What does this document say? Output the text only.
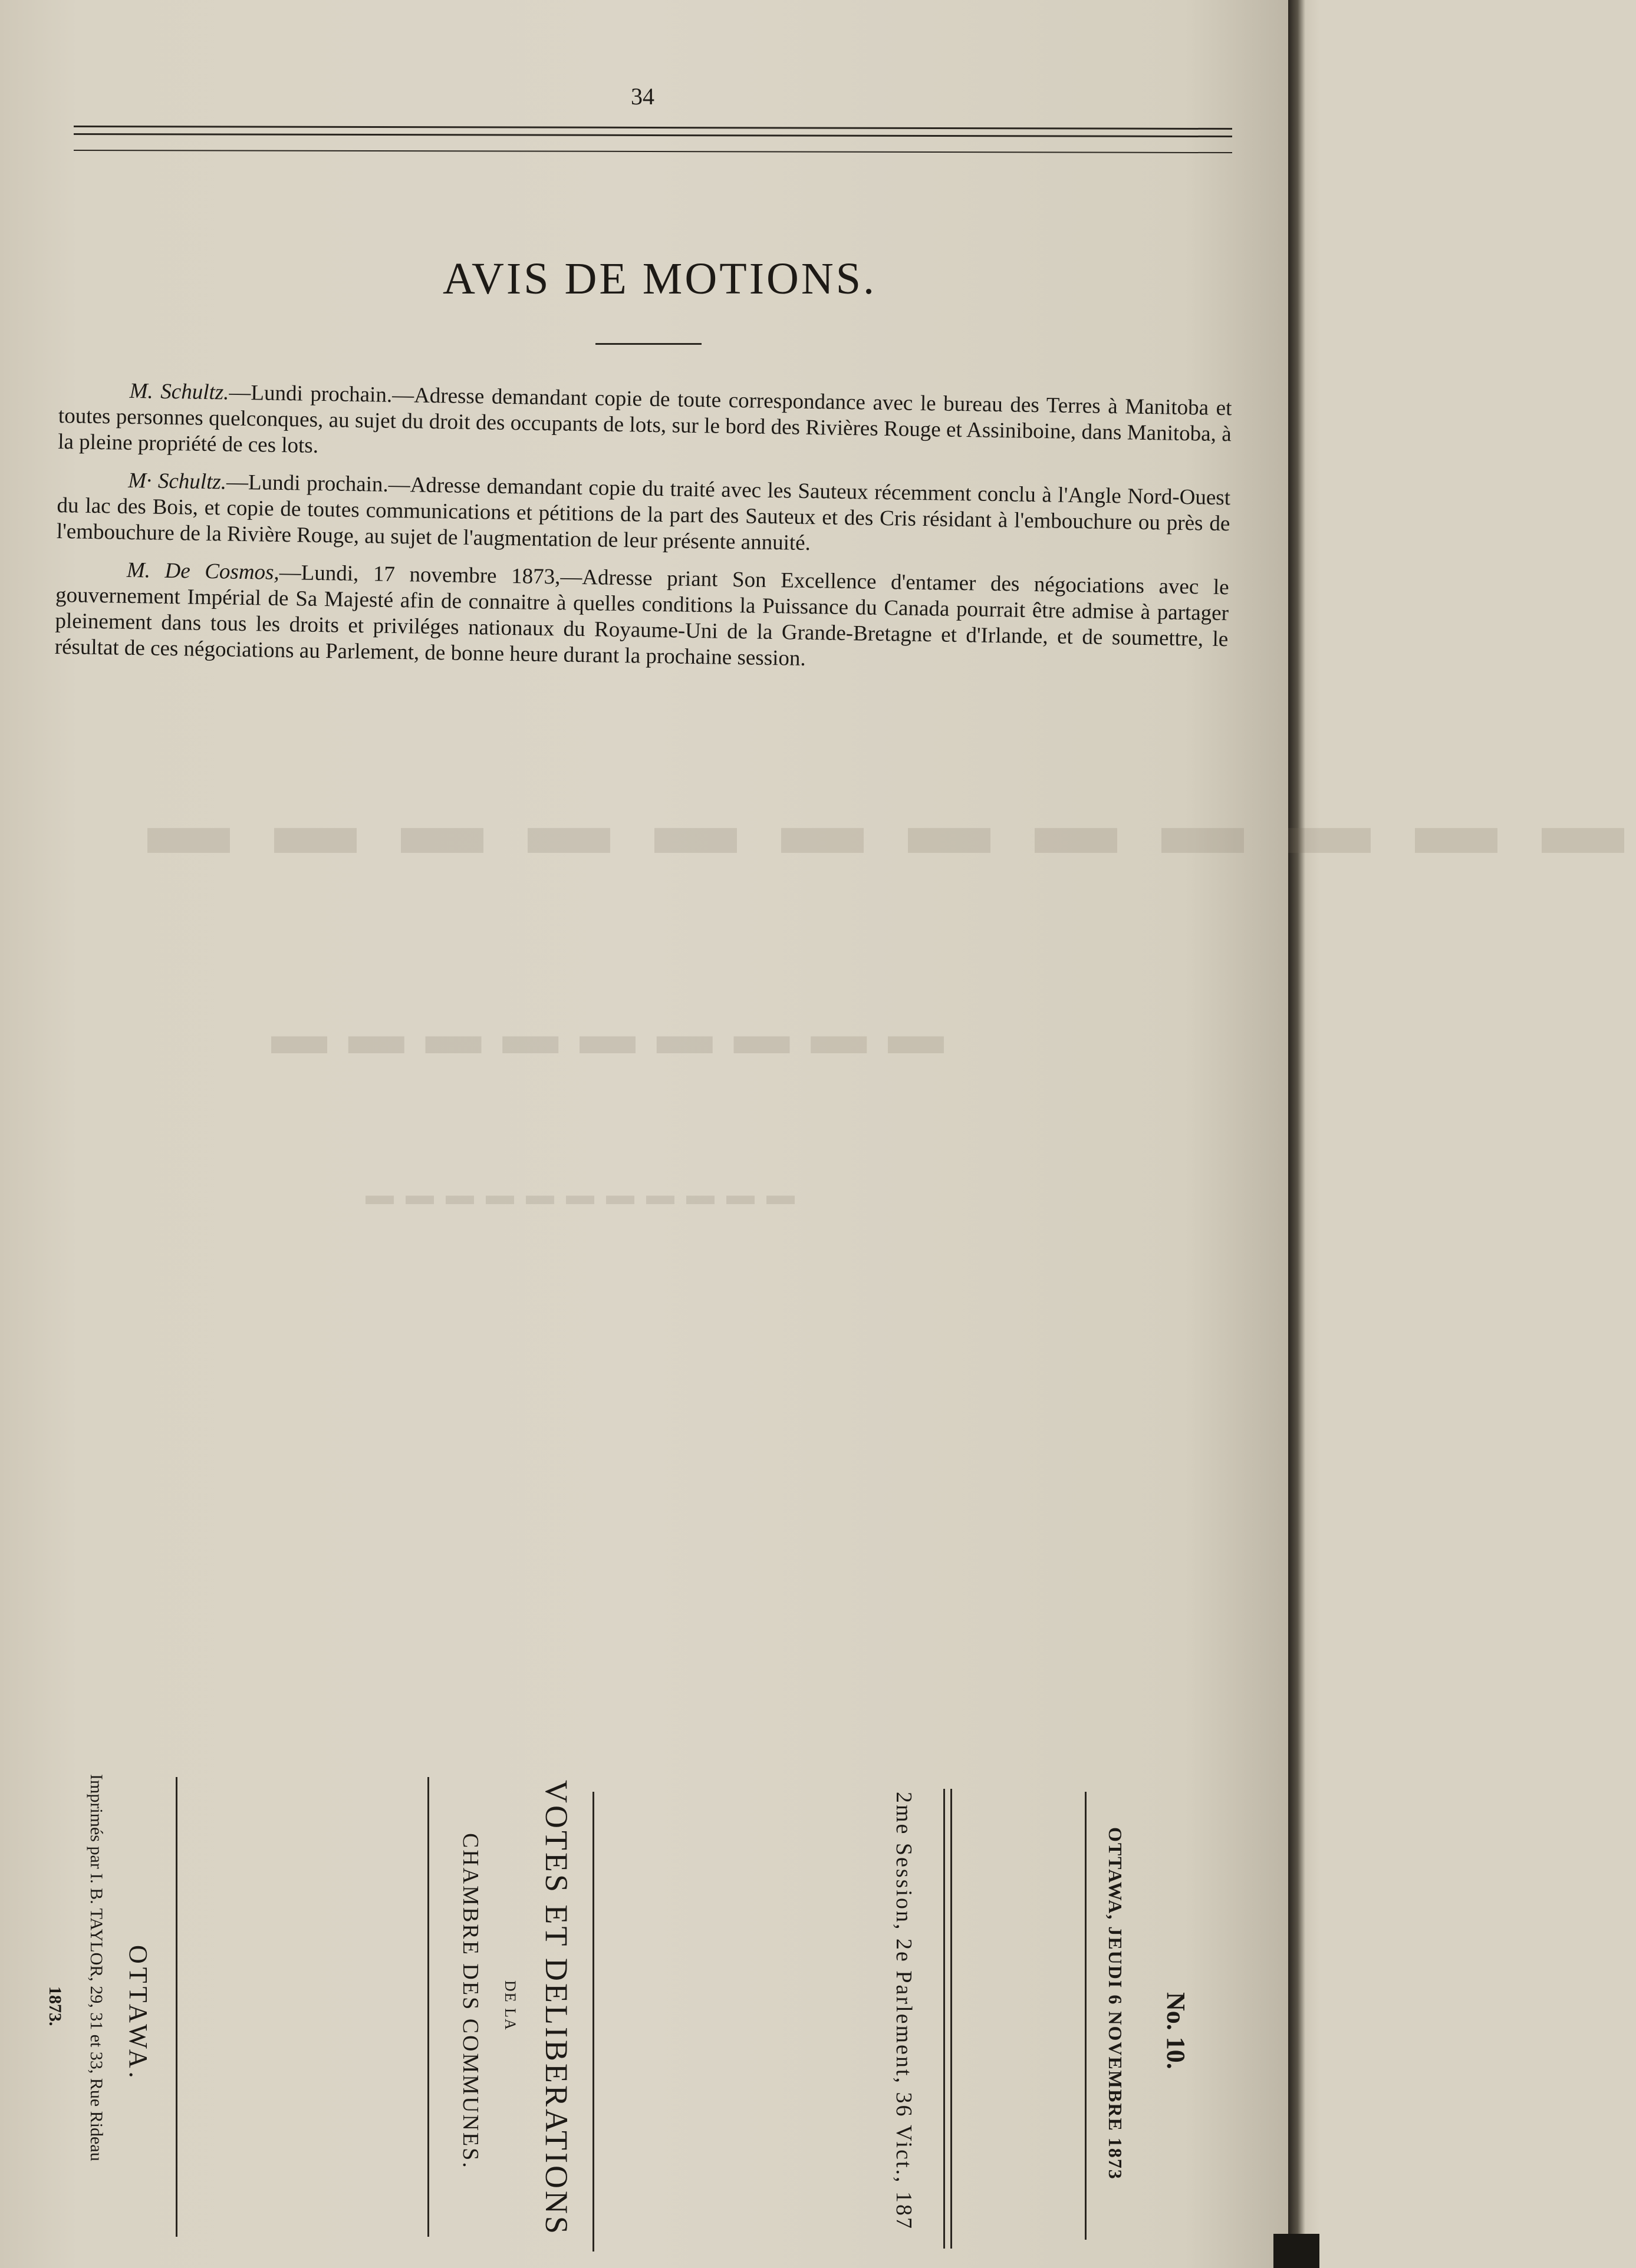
34
AVIS DE MOTIONS.

M. Schultz.—Lundi prochain.—Adresse demandant copie de toute correspondance avec le bureau des Terres à Manitoba et toutes personnes quelconques, au sujet du droit des occupants de lots, sur le bord des Rivières Rouge et Assiniboine, dans Manitoba, à la pleine propriété de ces lots.

M· Schultz.—Lundi prochain.—Adresse demandant copie du traité avec les Sauteux récemment conclu à l'Angle Nord-Ouest du lac des Bois, et copie de toutes communications et pétitions de la part des Sauteux et des Cris résidant à l'embouchure ou près de l'embouchure de la Rivière Rouge, au sujet de l'augmentation de leur présente annuité.

M. De Cosmos,—Lundi, 17 novembre 1873,—Adresse priant Son Excellence d'entamer des négociations avec le gouvernement Impérial de Sa Majesté afin de connaitre à quelles conditions la Puissance du Canada pourrait être admise à partager pleinement dans tous les droits et priviléges nationaux du Royaume-Uni de la Grande-Bretagne et d'Irlande, et de soumettre, le résultat de ces négociations au Parlement, de bonne heure durant la prochaine session.

▬ ▬ ▬ ▬ ▬ ▬ ▬ ▬ ▬ ▬ ▬ ▬
▬ ▬ ▬ ▬ ▬ ▬ ▬ ▬ ▬
▬ ▬ ▬ ▬ ▬ ▬ ▬ ▬ ▬ ▬ ▬
No. 10.
OTTAWA, JEUDI 6 NOVEMBRE 1873
2me Session, 2e Parlement, 36 Vict., 187
VOTES ET DELIBERATIONS
DE LA
CHAMBRE DES COMMUNES.
OTTAWA.
Imprimés par I. B. TAYLOR, 29, 31 et 33, Rue Rideau
1873.
